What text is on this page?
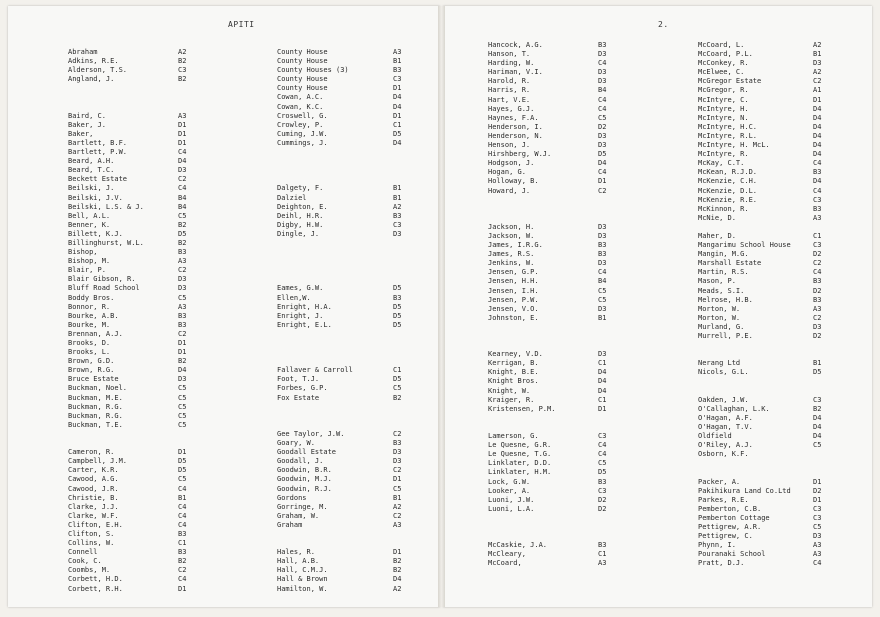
APITI	2.
Abraham	A2
Adkins, R.E.	B2
Alderson, T.S.	C3
Angland, J.	B2
Baird, C.	A3
Baker, J.	D1
Baker,	D1
Bartlett, B.F.	D1
Bartlett, P.W.	C4
Beard, A.H.	D4
Beard, T.C.	D3
Beckett Estate	C2
Beilski, J.	C4
Beilski, J.V.	B4
Beilski, L.S. & J.	B4
Bell, A.L.	C5
Benner, K.	B2
Billett, K.J.	D5
Billinghurst, W.L.	B2
Bishop,	B3
Bishop, M.	A3
Blair, P.	C2
Blair Gibson, R.	D3
Bluff Road School	D3
Boddy Bros.	C5
Bonnor, R.	A3
Bourke, A.B.	B3
Bourke, M.	B3
Brennan, A.J.	C2
Brooks, D.	D1
Brooks, L.	D1
Brown, G.D.	B2
Brown, R.G.	D4
Bruce Estate	D3
Buckman, Noel.	C5
Buckman, M.E.	C5
Buckman, R.G.	C5
Buckman, R.G.	C5
Buckman, T.E.	C5
Cameron, R.	D1
Campbell, J.M.	D5
Carter, K.R.	D5
Cawood, A.G.	C5
Cawood, J.R.	C4
Christie, B.	B1
Clarke, J.J.	C4
Clarke, W.F.	C4
Clifton, E.H.	C4
Clifton, S.	B3
Collins, W.	C1
Connell	B3
Cook, C.	B2
Coombs, M.	C2
Corbett, H.D.	C4
Corbett, R.H.	D1
County House	A3
County House	B1
County Houses (3)	B3
County House	C3
County House	D1
Cowan, A.C.	D4
Cowan, K.C.	D4
Croswell, G.	D1
Crowley, P.	C1
Cuming, J.W.	D5
Cummings, J.	D4
Dalgety, F.	B1
Dalziel	B1
Deighton, E.	A2
Deihl, H.R.	B3
Digby, H.W.	C3
Dingle, J.	D3
Eames, G.W.	D5
Ellen,W.	B3
Enright, H.A.	D5
Enright, J.	D5
Enright, E.L.	D5
Fallaver & Carroll	C1
Foot, T.J.	D5
Forbes, G.P.	C5
Fox Estate	B2
Gee Taylor, J.W.	C2
Goary, W.	B3
Goodall Estate	D3
Goodall, J.	D3
Goodwin, B.R.	C2
Goodwin, M.J.	D1
Goodwin, R.J.	C5
Gordons	B1
Gorringe, M.	A2
Graham, W.	C2
Graham	A3
Hales, R.	D1
Hall, A.B.	B2
Hall, C.M.J.	B2
Hall & Brown	D4
Hamilton, W.	A2
Hancock, A.G.	B3
Hanson, T.	D3
Harding, W.	C4
Hariman, V.I.	D3
Harold, R.	D3
Harris, R.	B4
Hart, V.E.	C4
Hayes, G.J.	C4
Haynes, F.A.	C5
Henderson, I.	D2
Henderson, N.	D3
Henson, J.	D3
Hirshberg, W.J.	D5
Hodgson, J.	D4
Hogan, G.	C4
Holloway, B.	D1
Howard, J.	C2
Jackson, H.	D3
Jackson, W.	D3
James, I.R.G.	B3
James, R.S.	B3
Jenkins, W.	D3
Jensen, G.P.	C4
Jensen, H.H.	B4
Jensen, I.H.	C5
Jensen, P.W.	C5
Jensen, V.O.	D3
Johnston, E.	B1
Kearney, V.D.	D3
Kerrigan, B.	C1
Knight, B.E.	D4
Knight Bros.	D4
Knight, W.	D4
Kraiger, R.	C1
Kristensen, P.M.	D1
Lamerson, G.	C3
Le Quesne, G.R.	C4
Le Quesne, T.G.	C4
Linklater, D.D.	C5
Linklater, H.M.	D5
Lock, G.W.	B3
Looker, A.	C3
Luoni, J.W.	D2
Luoni, L.A.	D2
McCaskie, J.A.	B3
McCleary,	C1
McCoard,	A3
McCoard, L.	A2
McCoard, P.L.	B1
McConkey, R.	D3
McElwee, C.	A2
McGregor Estate	C2
McGregor, R.	A1
McIntyre, C.	D1
McIntyre, H.	D4
McIntyre, N.	D4
McIntyre, H.C.	D4
McIntyre, R.L.	D4
McIntyre, H. McL.	D4
McIntyre, R.	D4
McKay, C.T.	C4
McKean, R.J.D.	B3
McKenzie, C.H.	D4
McKenzie, D.L.	C4
McKenzie, R.E.	C3
McKinnon, R.	B3
McNie, D.	A3
Maher, D.	C1
Mangarimu School House	C3
Mangin, M.G.	D2
Marshall Estate	C2
Martin, R.S.	C4
Mason, P.	B3
Meads, S.I.	D2
Melrose, H.B.	B3
Morton, W.	A3
Morton, W.	C2
Murland, G.	D3
Murrell, P.E.	D2
Nerang Ltd	B1
Nicols, G.L.	D5
Oakden, J.W.	C3
O'Callaghan, L.K.	B2
O'Hagan, A.F.	D4
O'Hagan, T.V.	D4
Oldfield	D4
O'Riley, A.J.	C5
Osborn, K.F.
Packer, A.	D1
Pakihikura Land Co.Ltd	D2
Parkes, R.E.	D1
Pemberton, C.B.	C3
Pemberton Cottage	C3
Pettigrew, A.R.	C5
Pettigrew, C.	D3
Phynn, I.	A3
Pouranaki School	A3
Pratt, D.J.	C4
